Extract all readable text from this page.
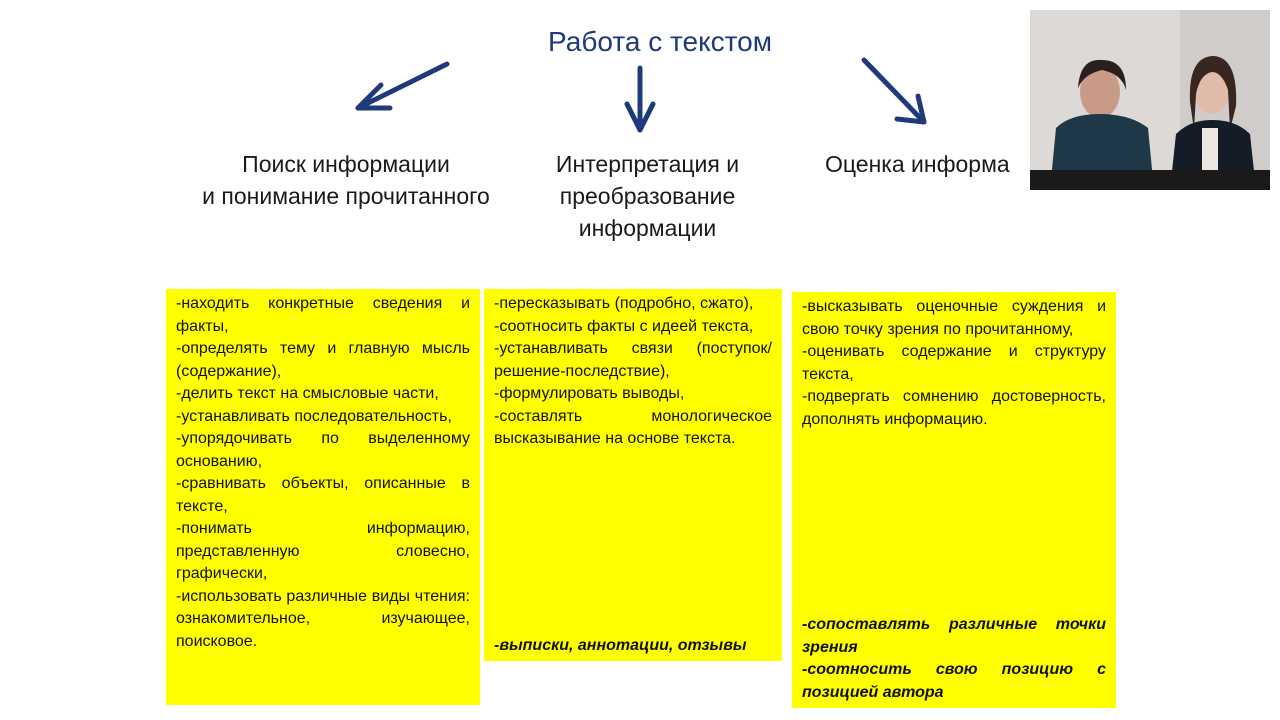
Работа с текстом
Поиск информации
и понимание прочитанного
Интерпретация и
преобразование
информации
Оценка информа
-находить конкретные сведения и факты,
-определять тему и главную мысль (содержание),
-делить текст на смысловые части,
-устанавливать последовательность,
-упорядочивать по выделенному основанию,
-сравнивать объекты, описанные в тексте,
-понимать информацию, представленную словесно, графически,
-использовать различные виды чтения: ознакомительное, изучающее, поисковое.
-пересказывать (подробно, сжато),
-соотносить факты с идеей текста,
-устанавливать связи (поступок/решение-последствие),
-формулировать выводы,
-составлять монологическое высказывание на основе текста.
-выписки, аннотации, отзывы
-высказывать оценочные суждения и свою точку зрения по прочитанному,
-оценивать содержание и структуру текста,
-подвергать сомнению достоверность, дополнять информацию.
-сопоставлять различные точки зрения
-соотносить свою позицию с позицией автора
